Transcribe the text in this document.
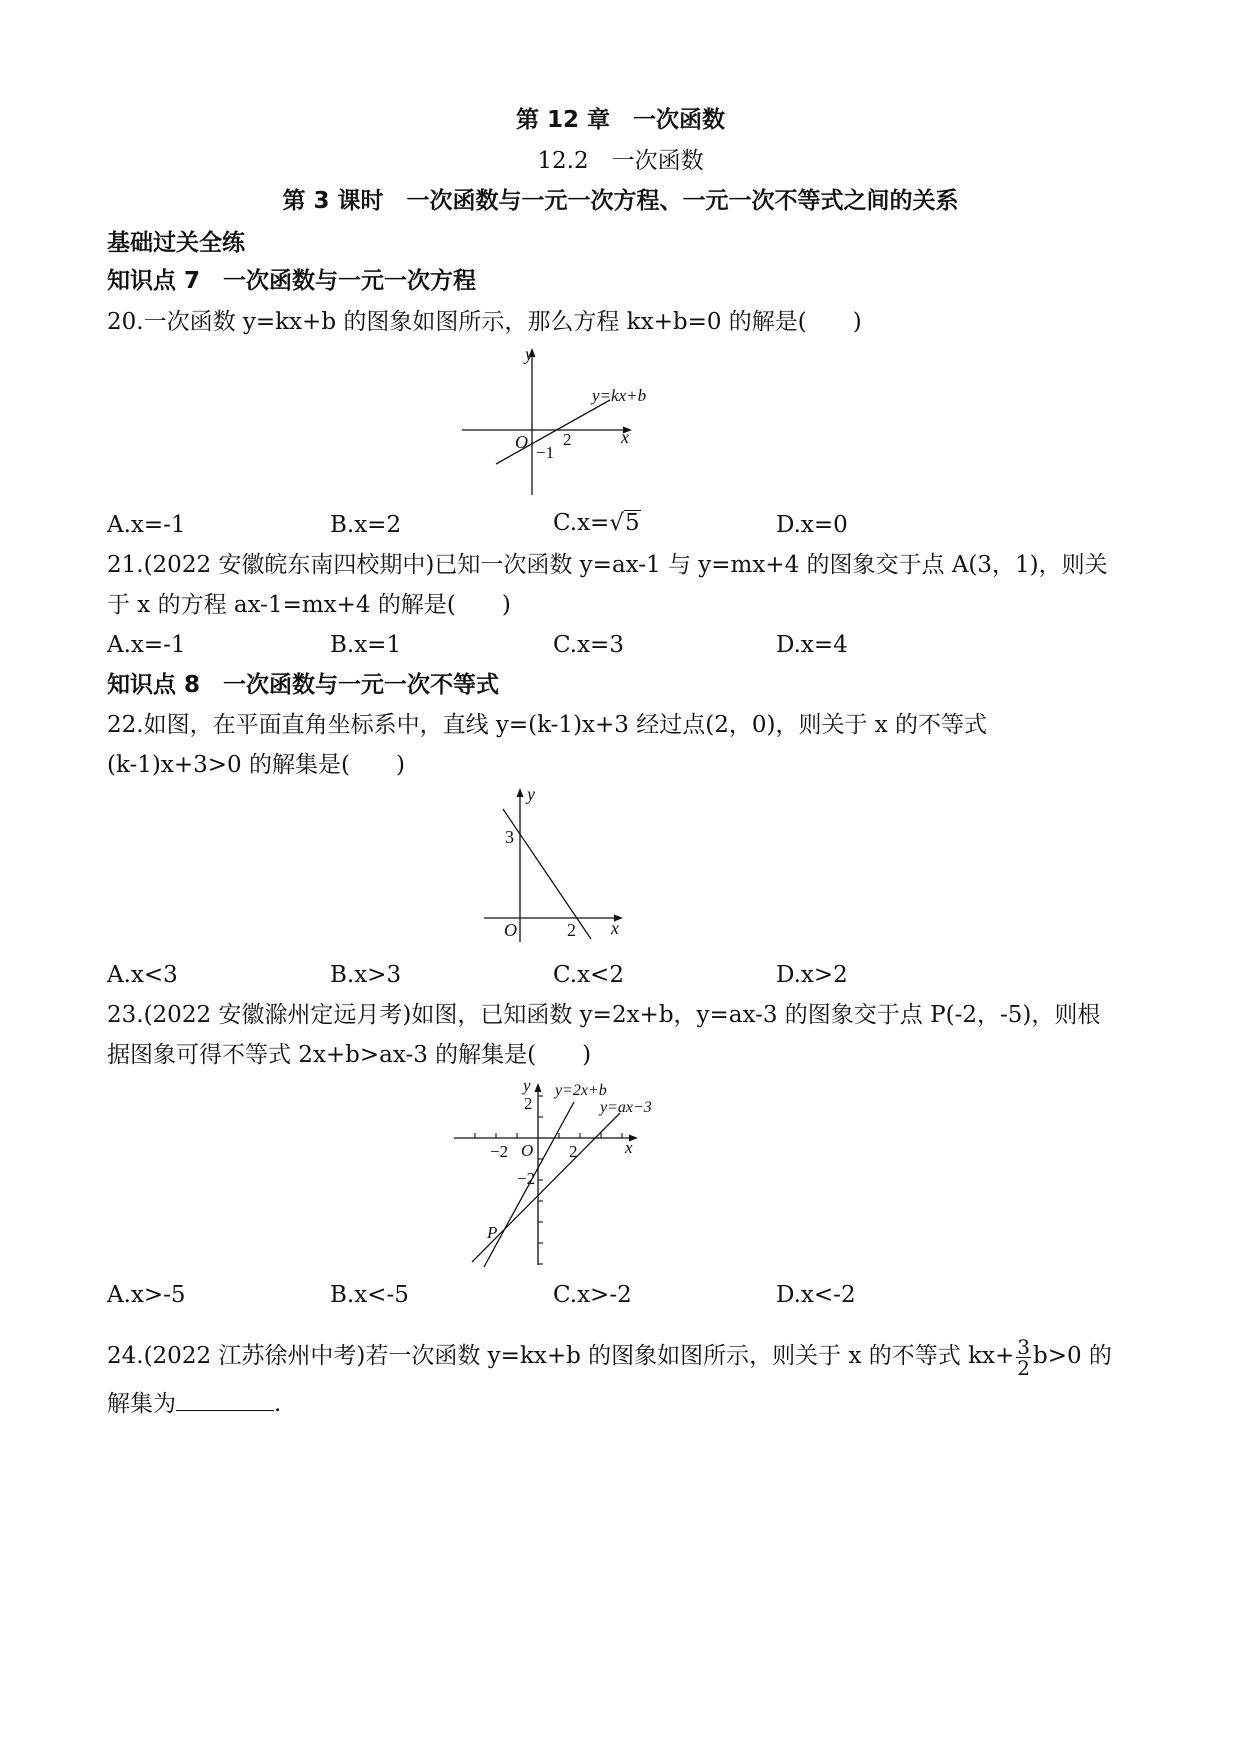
第 12 章　一次函数
12.2　一次函数
第 3 课时　一次函数与一元一次方程、一元一次不等式之间的关系
基础过关全练
知识点 7　一次函数与一元一次方程
20.一次函数 y=kx+b 的图象如图所示，那么方程 kx+b=0 的解是(　　)
y
x
O 2
−1
y=kx+b
A.x=-1	B.x=2	C.x=√5	D.x=0
21.(2022 安徽皖东南四校期中)已知一次函数 y=ax-1 与 y=mx+4 的图象交于点 A(3，1)，则关
于 x 的方程 ax-1=mx+4 的解是(　　)
A.x=-1	B.x=1	C.x=3	D.x=4
知识点 8　一次函数与一元一次不等式
22.如图，在平面直角坐标系中，直线 y=(k-1)x+3 经过点(2，0)，则关于 x 的不等式
(k-1)x+3>0 的解集是(　　)
y
x
O	2
3
A.x<3	B.x>3	C.x<2	D.x>2
23.(2022 安徽滁州定远月考)如图，已知函数 y=2x+b，y=ax-3 的图象交于点 P(-2，-5)，则根
据图象可得不等式 2x+b>ax-3 的解集是(　　)
y
x
O
y=2x+b
y=ax−3
−2	2
2
−2
P
A.x>-5	B.x<-5	C.x>-2	D.x<-2
24.(2022 江苏徐州中考)若一次函数 y=kx+b 的图象如图所示，则关于 x 的不等式 $kx+ \frac{3}{2} b>0$ 的
解集为	.
